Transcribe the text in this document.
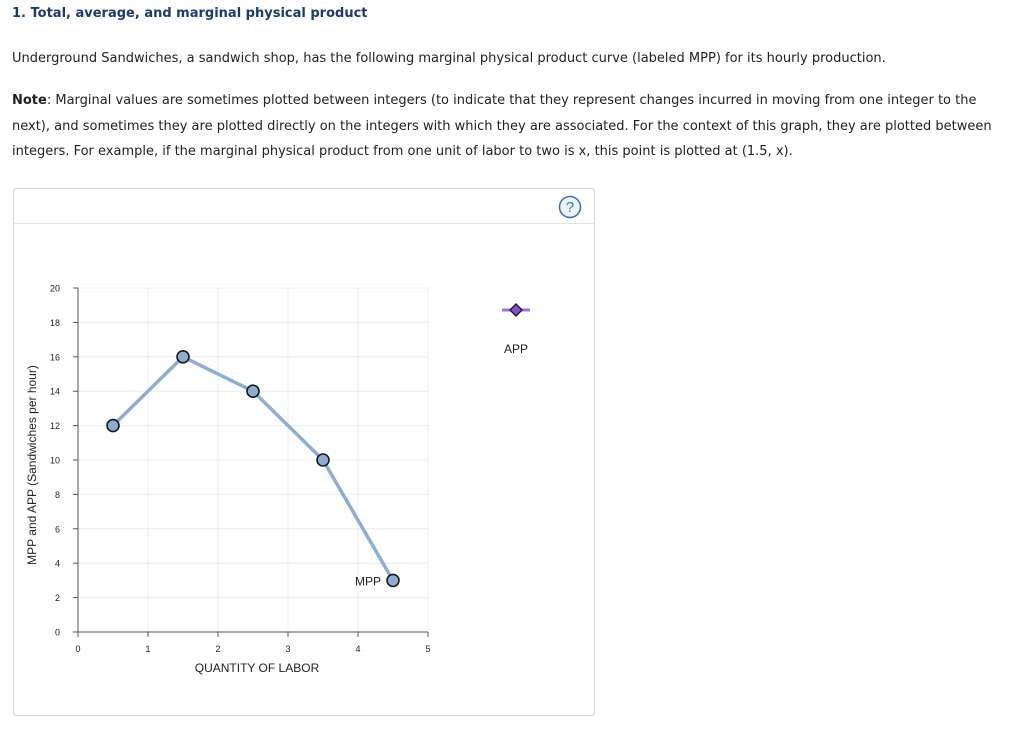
1. Total, average, and marginal physical product

Underground Sandwiches, a sandwich shop, has the following marginal physical product curve (labeled MPP) for its hourly production.

Note: Marginal values are sometimes plotted between integers (to indicate that they represent changes incurred in moving from one integer to the next), and sometimes they are plotted directly on the integers with which they are associated. For the context of this graph, they are plotted between integers. For example, if the marginal physical product from one unit of labor to two is x, this point is plotted at (1.5, x).

?
0
2
4
6
8
10
12
14
16
18
20
0	1	2	3	4	5
QUANTITY OF LABOR
MPP and APP (Sandwiches per hour)
MPP
APP
